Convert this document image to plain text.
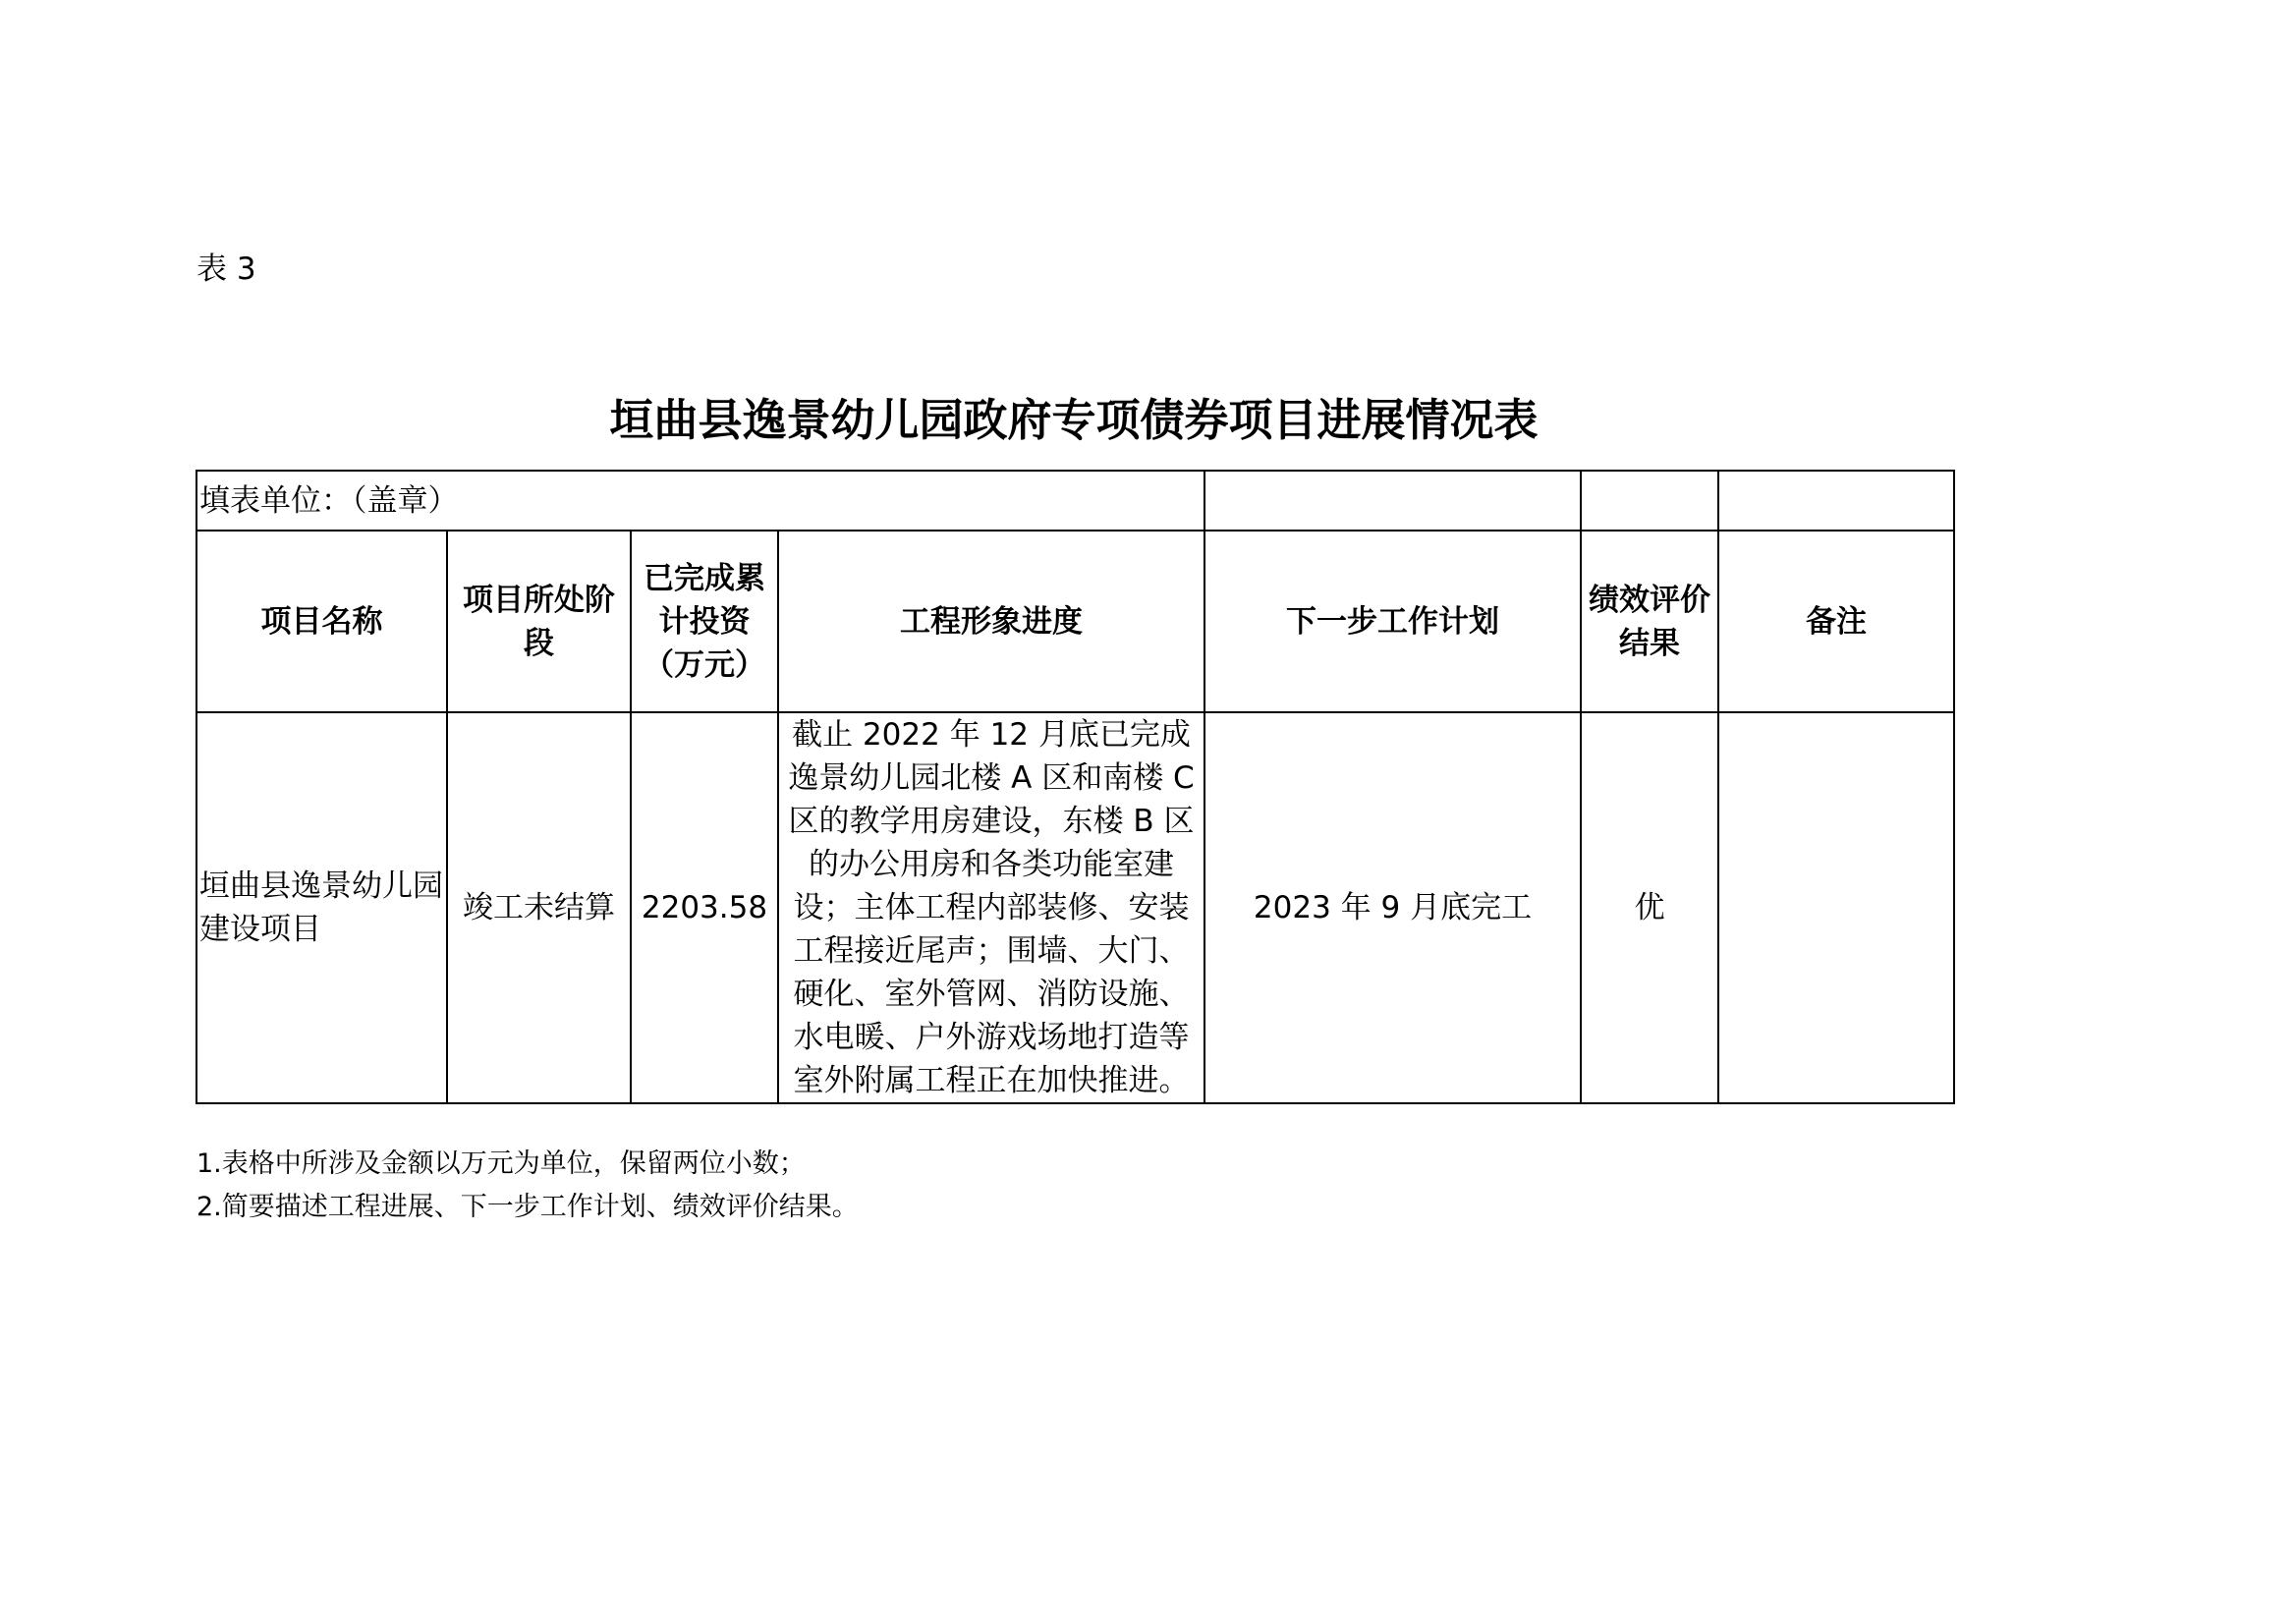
表 3
垣曲县逸景幼儿园政府专项债券项目进展情况表
填表单位：（盖章）						
项目名称	项目所处阶段	已完成累计投资（万元）	工程形象进度	下一步工作计划	绩效评价结果	备注
垣曲县逸景幼儿园建设项目	竣工未结算	2203.58	截止 2022 年 12 月底已完成逸景幼儿园北楼 A 区和南楼 C 区的教学用房建设，东楼 B 区的办公用房和各类功能室建设；主体工程内部装修、安装工程接近尾声；围墙、大门、硬化、室外管网、消防设施、水电暖、户外游戏场地打造等室外附属工程正在加快推进。	2023 年 9 月底完工	优	
1.表格中所涉及金额以万元为单位，保留两位小数；
2.简要描述工程进展、下一步工作计划、绩效评价结果。
